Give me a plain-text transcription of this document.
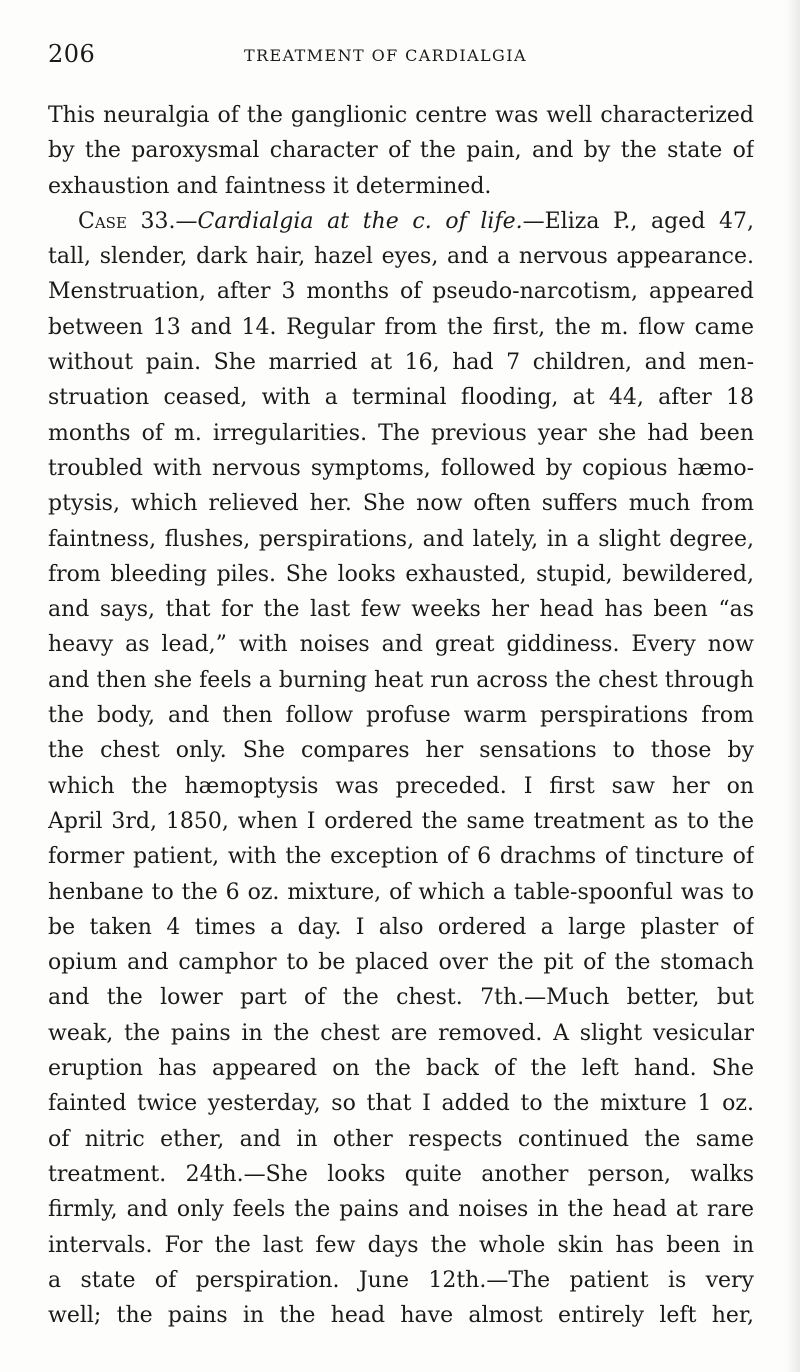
206	TREATMENT OF CARDIALGIA
This neuralgia of the ganglionic centre was well characterized
by the paroxysmal character of the pain, and by the state of
exhaustion and faintness it determined.
Case 33.—Cardialgia at the c. of life.—Eliza P., aged 47,
tall, slender, dark hair, hazel eyes, and a nervous appearance.
Menstruation, after 3 months of pseudo-narcotism, appeared
between 13 and 14. Regular from the first, the m. flow came
without pain. She married at 16, had 7 children, and men-
struation ceased, with a terminal flooding, at 44, after 18
months of m. irregularities. The previous year she had been
troubled with nervous symptoms, followed by copious hæmo-
ptysis, which relieved her. She now often suffers much from
faintness, flushes, perspirations, and lately, in a slight degree,
from bleeding piles. She looks exhausted, stupid, bewildered,
and says, that for the last few weeks her head has been “as
heavy as lead,” with noises and great giddiness. Every now
and then she feels a burning heat run across the chest through
the body, and then follow profuse warm perspirations from
the chest only. She compares her sensations to those by
which the hæmoptysis was preceded. I first saw her on
April 3rd, 1850, when I ordered the same treatment as to the
former patient, with the exception of 6 drachms of tincture of
henbane to the 6 oz. mixture, of which a table-spoonful was to
be taken 4 times a day. I also ordered a large plaster of
opium and camphor to be placed over the pit of the stomach
and the lower part of the chest. 7th.—Much better, but
weak, the pains in the chest are removed. A slight vesicular
eruption has appeared on the back of the left hand. She
fainted twice yesterday, so that I added to the mixture 1 oz.
of nitric ether, and in other respects continued the same
treatment. 24th.—She looks quite another person, walks
firmly, and only feels the pains and noises in the head at rare
intervals. For the last few days the whole skin has been in
a state of perspiration. June 12th.—The patient is very
well; the pains in the head have almost entirely left her,
